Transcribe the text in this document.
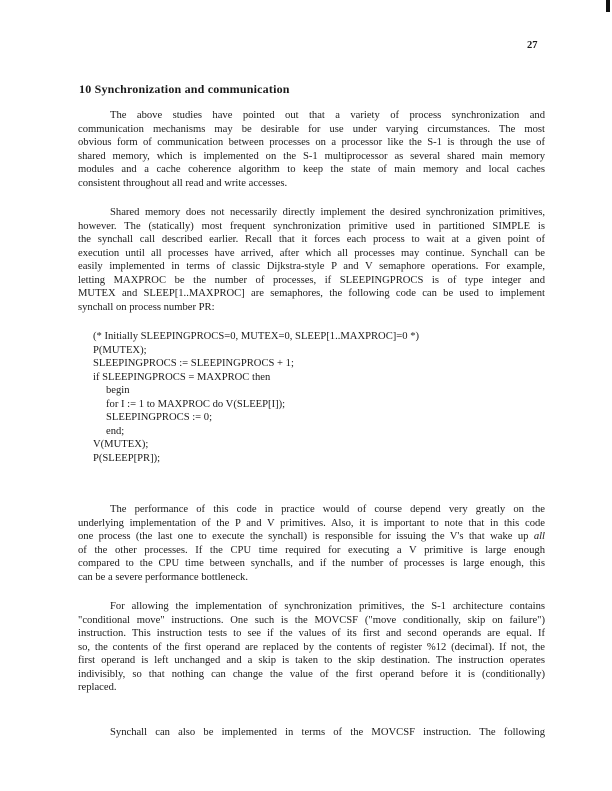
27
10 Synchronization and communication
The above studies have pointed out that a variety of process synchronization and
communication mechanisms may be desirable for use under varying circumstances. The most
obvious form of communication between processes on a processor like the S-1 is through the use of
shared memory, which is implemented on the S-1 multiprocessor as several shared main memory
modules and a cache coherence algorithm to keep the state of main memory and local caches
consistent throughout all read and write accesses.
Shared memory does not necessarily directly implement the desired synchronization primitives,
however. The (statically) most frequent synchronization primitive used in partitioned SIMPLE is
the synchall call described earlier. Recall that it forces each process to wait at a given point of
execution until all processes have arrived, after which all processes may continue. Synchall can be
easily implemented in terms of classic Dijkstra-style P and V semaphore operations. For example,
letting MAXPROC be the number of processes, if SLEEPINGPROCS is of type integer and
MUTEX and SLEEP[1..MAXPROC] are semaphores, the following code can be used to implement
synchall on process number PR:
(* Initially SLEEPINGPROCS=0, MUTEX=0, SLEEP[1..MAXPROC]=0 *)
P(MUTEX);
SLEEPINGPROCS := SLEEPINGPROCS + 1;
if SLEEPINGPROCS = MAXPROC then
begin
for I := 1 to MAXPROC do V(SLEEP[I]);
SLEEPINGPROCS := 0;
end;
V(MUTEX);
P(SLEEP[PR]);
The performance of this code in practice would of course depend very greatly on the
underlying implementation of the P and V primitives. Also, it is important to note that in this code
one process (the last one to execute the synchall) is responsible for issuing the V's that wake up all
of the other processes. If the CPU time required for executing a V primitive is large enough
compared to the CPU time between synchalls, and if the number of processes is large enough, this
can be a severe performance bottleneck.
For allowing the implementation of synchronization primitives, the S-1 architecture contains
"conditional move" instructions. One such is the MOVCSF ("move conditionally, skip on failure")
instruction. This instruction tests to see if the values of its first and second operands are equal. If
so, the contents of the first operand are replaced by the contents of register %12 (decimal). If not, the
first operand is left unchanged and a skip is taken to the skip destination. The instruction operates
indivisibly, so that nothing can change the value of the first operand before it is (conditionally)
replaced.
Synchall can also be implemented in terms of the MOVCSF instruction. The following
